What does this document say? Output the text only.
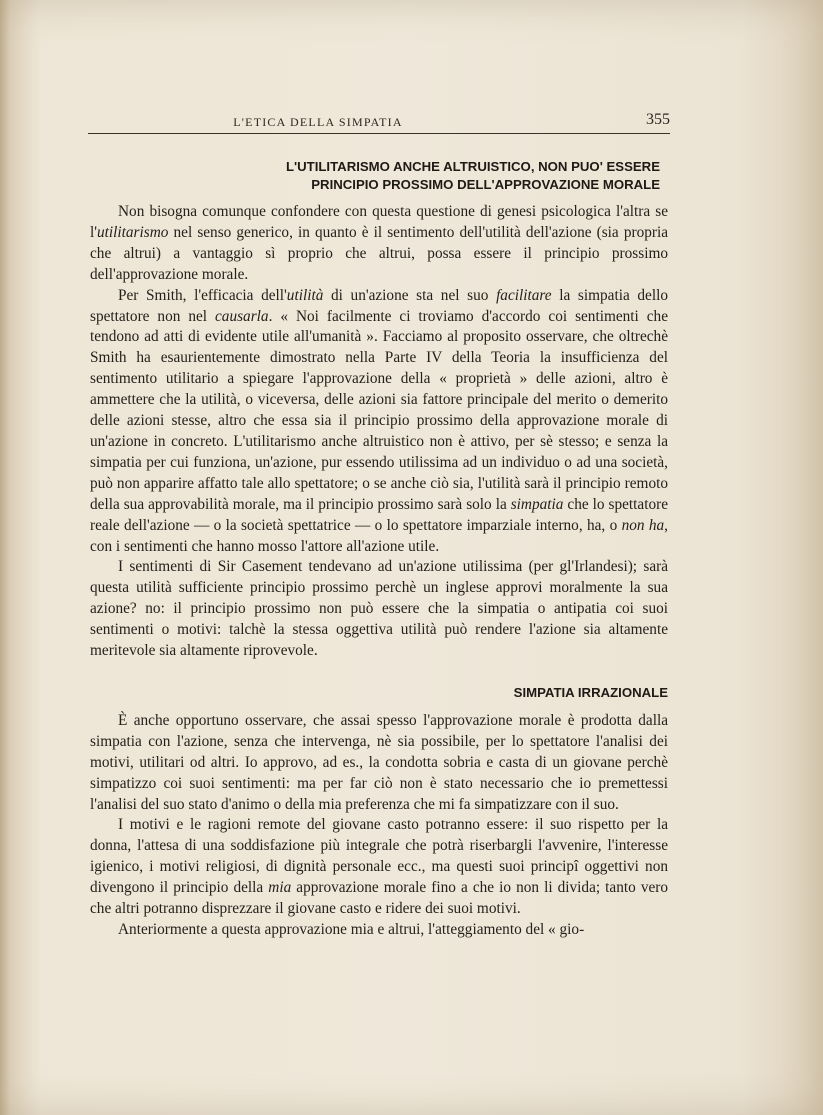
L'ETICA DELLA SIMPATIA	355
L'UTILITARISMO ANCHE ALTRUISTICO, NON PUO' ESSERE
PRINCIPIO PROSSIMO DELL'APPROVAZIONE MORALE

Non bisogna comunque confondere con questa questione di genesi psicologica l'altra se l'utilitarismo nel senso generico, in quanto è il sentimento dell'utilità dell'azione (sia propria che altrui) a vantaggio sì proprio che altrui, possa essere il principio prossimo dell'approvazione morale.

Per Smith, l'efficacia dell'utilità di un'azione sta nel suo facilitare la simpatia dello spettatore non nel causarla. « Noi facilmente ci troviamo d'accordo coi sentimenti che tendono ad atti di evidente utile all'umanità ». Facciamo al proposito osservare, che oltrechè Smith ha esaurientemente dimostrato nella Parte IV della Teoria la insufficienza del sentimento utilitario a spiegare l'approvazione della « proprietà » delle azioni, altro è ammettere che la utilità, o viceversa, delle azioni sia fattore principale del merito o demerito delle azioni stesse, altro che essa sia il principio prossimo della approvazione morale di un'azione in concreto. L'utilitarismo anche altruistico non è attivo, per sè stesso; e senza la simpatia per cui funziona, un'azione, pur essendo utilissima ad un individuo o ad una società, può non apparire affatto tale allo spettatore; o se anche ciò sia, l'utilità sarà il principio remoto della sua approvabilità morale, ma il principio prossimo sarà solo la simpatia che lo spettatore reale dell'azione — o la società spettatrice — o lo spettatore imparziale interno, ha, o non ha, con i sentimenti che hanno mosso l'attore all'azione utile.

I sentimenti di Sir Casement tendevano ad un'azione utilissima (per gl'Irlandesi); sarà questa utilità sufficiente principio prossimo perchè un inglese approvi moralmente la sua azione? no: il principio prossimo non può essere che la simpatia o antipatia coi suoi sentimenti o motivi: talchè la stessa oggettiva utilità può rendere l'azione sia altamente meritevole sia altamente riprovevole.

SIMPATIA IRRAZIONALE

È anche opportuno osservare, che assai spesso l'approvazione morale è prodotta dalla simpatia con l'azione, senza che intervenga, nè sia possibile, per lo spettatore l'analisi dei motivi, utilitari od altri. Io approvo, ad es., la condotta sobria e casta di un giovane perchè simpatizzo coi suoi sentimenti: ma per far ciò non è stato necessario che io premettessi l'analisi del suo stato d'animo o della mia preferenza che mi fa simpatizzare con il suo.

I motivi e le ragioni remote del giovane casto potranno essere: il suo rispetto per la donna, l'attesa di una soddisfazione più integrale che potrà riserbargli l'avvenire, l'interesse igienico, i motivi religiosi, di dignità personale ecc., ma questi suoi principî oggettivi non divengono il principio della mia approvazione morale fino a che io non li divida; tanto vero che altri potranno disprezzare il giovane casto e ridere dei suoi motivi.

Anteriormente a questa approvazione mia e altrui, l'atteggiamento del « gio-
